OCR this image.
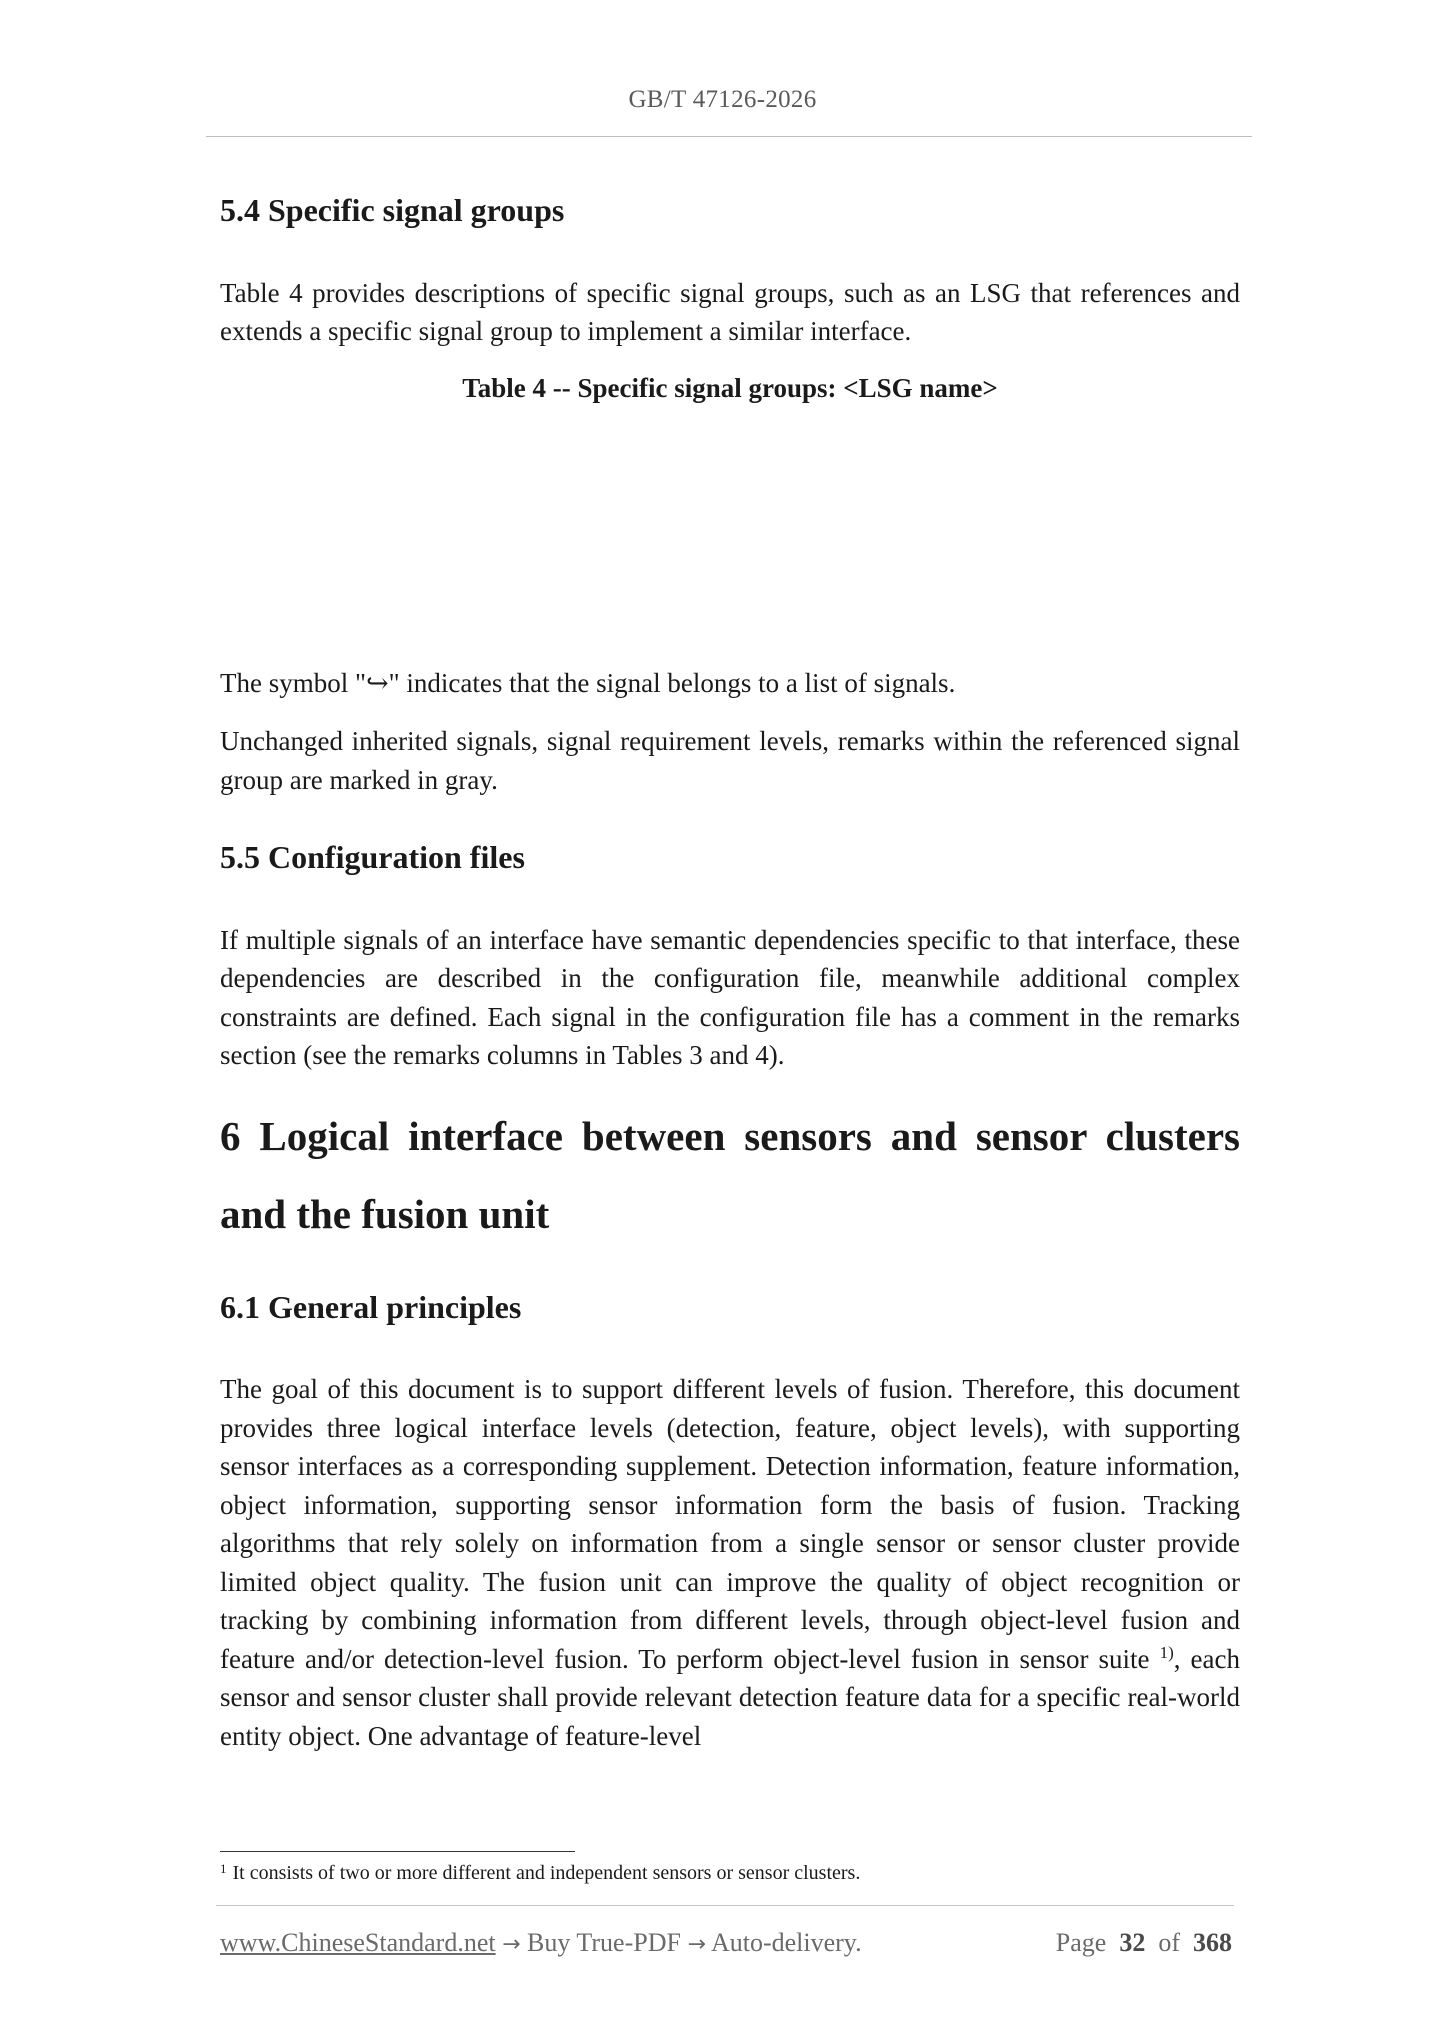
GB/T 47126-2026
5.4 Specific signal groups

Table 4 provides descriptions of specific signal groups, such as an LSG that references and extends a specific signal group to implement a similar interface.

Table 4 -- Specific signal groups: <LSG name>

The symbol "↪" indicates that the signal belongs to a list of signals.

Unchanged inherited signals, signal requirement levels, remarks within the referenced signal group are marked in gray.

5.5 Configuration files

If multiple signals of an interface have semantic dependencies specific to that interface, these dependencies are described in the configuration file, meanwhile additional complex constraints are defined. Each signal in the configuration file has a comment in the remarks section (see the remarks columns in Tables 3 and 4).

6 Logical interface between sensors and sensor clusters and the fusion unit
6.1 General principles

The goal of this document is to support different levels of fusion. Therefore, this document provides three logical interface levels (detection, feature, object levels), with supporting sensor interfaces as a corresponding supplement. Detection information, feature information, object information, supporting sensor information form the basis of fusion. Tracking algorithms that rely solely on information from a single sensor or sensor cluster provide limited object quality. The fusion unit can improve the quality of object recognition or tracking by combining information from different levels, through object-level fusion and feature and/or detection-level fusion. To perform object-level fusion in sensor suite $^{1)}$, each sensor and sensor cluster shall provide relevant detection feature data for a specific real-world entity object. One advantage of feature-level

$^1$ It consists of two or more different and independent sensors or sensor clusters.
www.ChineseStandard.net → Buy True-PDF → Auto-delivery.	Page 32 of 368
